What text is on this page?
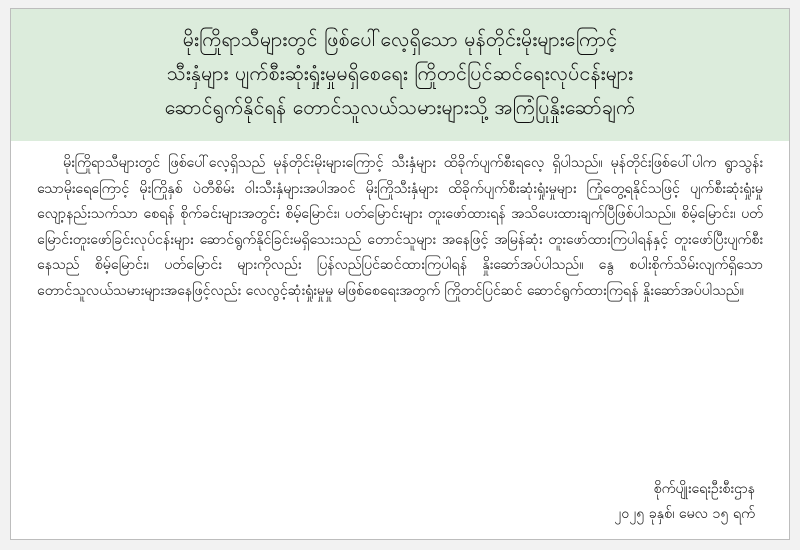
မိုးကြိုရာသီများတွင် ဖြစ်ပေါ်လေ့ရှိသော မုန်တိုင်းမိုးများကြောင့်
သီးနှံများ ပျက်စီးဆုံးရှုံးမှုမရှိစေရေး ကြိုတင်ပြင်ဆင်ရေးလုပ်ငန်းများ
ဆောင်ရွက်နိုင်ရန် တောင်သူလယ်သမားများသို့ အကြံပြုနှိုးဆော်ချက်

မိုးကြိုရာသီများတွင် ဖြစ်ပေါ်လေ့ရှိသည် မုန်တိုင်းမိုးများကြောင့် သီးနှံများ ထိခိုက်ပျက်စီးရလေ့ ရှိပါသည်။ မုန်တိုင်းဖြစ်ပေါ်ပါက ရွာသွန်းသောမိုးရေကြောင့် မိုးကြိုနှစ် ပဲတီစိမ်း ဝါးသီးနှံများအပါအဝင် မိုးကြိုသီးနှံများ ထိခိုက်ပျက်စီးဆုံးရှုံးမှုများ ကြုံတွေ့ရနိုင်သဖြင့် ပျက်စီးဆုံးရှုံးမှု လျော့နည်းသက်သာ စေရန် စိုက်ခင်းများအတွင်း စိမ့်မြောင်း၊ ပတ်မြောင်းများ တူးဖော်ထားရန် အသိပေးထားချက်ပြီဖြစ်ပါသည်။ စိမ့်မြောင်း၊ ပတ်မြောင်းတူးဖော်ခြင်းလုပ်ငန်းများ ဆောင်ရွက်နိုင်ခြင်းမရှိသေးသည် တောင်သူများ အနေဖြင့် အမြန်ဆုံး တူးဖော်ထားကြပါရန်နှင့် တူးဖော်ပြီးပျက်စီးနေသည် စိမ့်မြောင်း၊ ပတ်မြောင်း များကိုလည်း ပြန်လည်ပြင်ဆင်ထားကြပါရန် နှိုးဆော်အပ်ပါသည်။ နွေ စပါးစိုက်သိမ်းလျက်ရှိသော တောင်သူလယ်သမားများအနေဖြင့်လည်း လေလွင့်ဆုံးရှုံးမှုမှု မဖြစ်စေရေးအတွက် ကြိုတင်ပြင်ဆင် ဆောင်ရွက်ထားကြရန် နှိုးဆော်အပ်ပါသည်။

စိုက်ပျိုးရေးဦးစီးဌာန
၂၀၂၅ ခုနှစ်၊ မေလ ၁၅ ရက်
